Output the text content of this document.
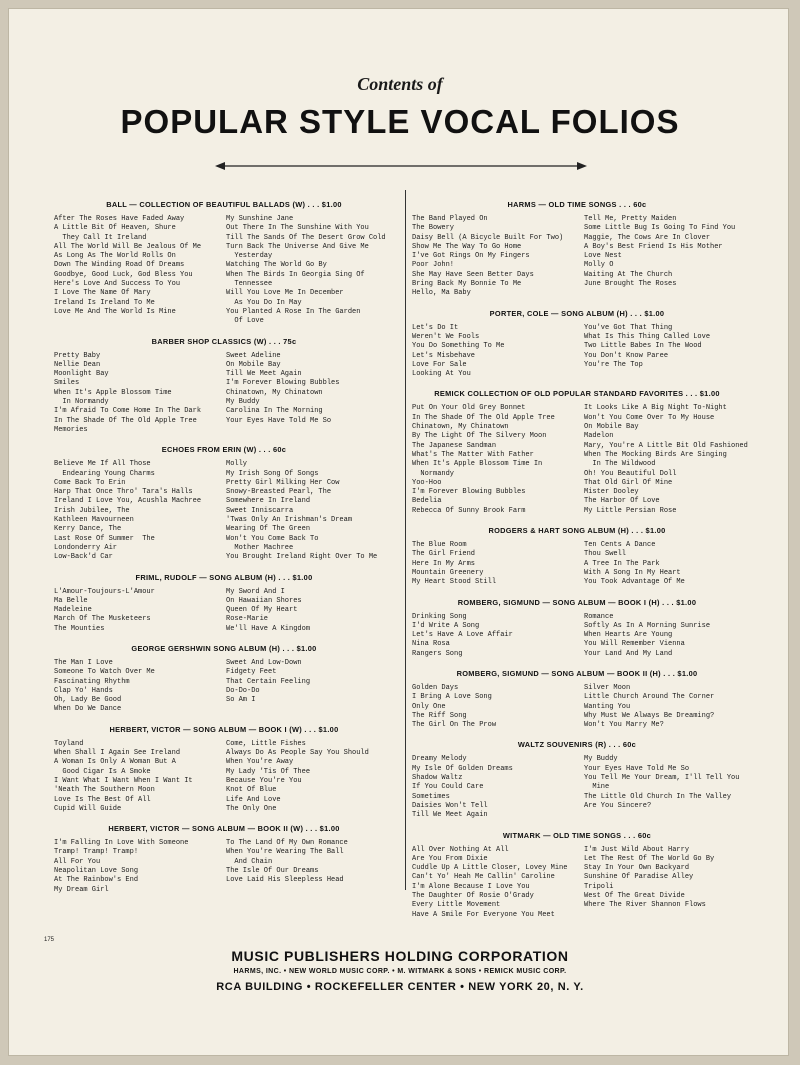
Contents of
POPULAR STYLE VOCAL FOLIOS
BALL — COLLECTION OF BEAUTIFUL BALLADS (W) . . . $1.00
After The Roses Have Faded Away
A Little Bit Of Heaven, Shure
They Call It Ireland
All The World Will Be Jealous Of Me
As Long As The World Rolls On
Down The Winding Road Of Dreams
Goodbye, Good Luck, God Bless You
Here's Love And Success To You
I Love The Name Of Mary
Ireland Is Ireland To Me
Love Me And The World Is Mine
My Sunshine Jane
Out There In The Sunshine With You
Till The Sands Of The Desert Grow Cold
Turn Back The Universe And Give Me
Yesterday
Watching The World Go By
When The Birds In Georgia Sing Of
Tennessee
Will You Love Me In December
As You Do In May
You Planted A Rose In The Garden
Of Love
BARBER SHOP CLASSICS (W) . . . 75c
Pretty Baby
Nellie Dean
Moonlight Bay
Smiles
When It's Apple Blossom Time
In Normandy
I'm Afraid To Come Home In The Dark
In The Shade Of The Old Apple Tree
Memories
Sweet Adeline
On Mobile Bay
Till We Meet Again
I'm Forever Blowing Bubbles
Chinatown, My Chinatown
My Buddy
Carolina In The Morning
Your Eyes Have Told Me So
ECHOES FROM ERIN (W) . . . 60c
Believe Me If All Those
Endearing Young Charms
Come Back To Erin
Harp That Once Thro' Tara's Halls
Ireland I Love You, Acushla Machree
Irish Jubilee, The
Kathleen Mavourneen
Kerry Dance, The
Last Rose Of Summer  The
Londonderry Air
Low-Back'd Car
Molly
My Irish Song Of Songs
Pretty Girl Milking Her Cow
Snowy-Breasted Pearl, The
Somewhere In Ireland
Sweet Inniscarra
'Twas Only An Irishman's Dream
Wearing Of The Green
Won't You Come Back To
Mother Machree
You Brought Ireland Right Over To Me
FRIML, RUDOLF — SONG ALBUM (H) . . . $1.00
L'Amour-Toujours-L'Amour
Ma Belle
Madeleine
March Of The Musketeers
The Mounties
My Sword And I
On Hawaiian Shores
Queen Of My Heart
Rose-Marie
We'll Have A Kingdom
GEORGE GERSHWIN SONG ALBUM (H) . . . $1.00
The Man I Love
Someone To Watch Over Me
Fascinating Rhythm
Clap Yo' Hands
Oh, Lady Be Good
When Do We Dance
Sweet And Low-Down
Fidgety Feet
That Certain Feeling
Do-Do-Do
So Am I
HERBERT, VICTOR — SONG ALBUM — BOOK I (W) . . . $1.00
Toyland
When Shall I Again See Ireland
A Woman Is Only A Woman But A
Good Cigar Is A Smoke
I Want What I Want When I Want It
'Neath The Southern Moon
Love Is The Best Of All
Cupid Will Guide
Come, Little Fishes
Always Do As People Say You Should
When You're Away
My Lady 'Tis Of Thee
Because You're You
Knot Of Blue
Life And Love
The Only One
HERBERT, VICTOR — SONG ALBUM — BOOK II (W) . . . $1.00
I'm Falling In Love With Someone
Tramp! Tramp! Tramp!
All For You
Neapolitan Love Song
At The Rainbow's End
My Dream Girl
To The Land Of My Own Romance
When You're Wearing The Ball
And Chain
The Isle Of Our Dreams
Love Laid His Sleepless Head
HARMS — OLD TIME SONGS . . . 60c
The Band Played On
The Bowery
Daisy Bell (A Bicycle Built For Two)
Show Me The Way To Go Home
I've Got Rings On My Fingers
Poor John!
She May Have Seen Better Days
Bring Back My Bonnie To Me
Hello, Ma Baby
Tell Me, Pretty Maiden
Some Little Bug Is Going To Find You
Maggie, The Cows Are In Clover
A Boy's Best Friend Is His Mother
Love Nest
Molly O
Waiting At The Church
June Brought The Roses
PORTER, COLE — SONG ALBUM (H) . . . $1.00
Let's Do It
Weren't We Fools
You Do Something To Me
Let's Misbehave
Love For Sale
Looking At You
You've Got That Thing
What Is This Thing Called Love
Two Little Babes In The Wood
You Don't Know Paree
You're The Top
REMICK COLLECTION OF OLD POPULAR STANDARD FAVORITES . . . $1.00
Put On Your Old Grey Bonnet
In The Shade Of The Old Apple Tree
Chinatown, My Chinatown
By The Light Of The Silvery Moon
The Japanese Sandman
What's The Matter With Father
When It's Apple Blossom Time In
Normandy
Yoo-Hoo
I'm Forever Blowing Bubbles
Bedelia
Rebecca Of Sunny Brook Farm
It Looks Like A Big Night To-Night
Won't You Come Over To My House
On Mobile Bay
Madelon
Mary, You're A Little Bit Old Fashioned
When The Mocking Birds Are Singing
In The Wildwood
Oh! You Beautiful Doll
That Old Girl Of Mine
Mister Dooley
The Harbor Of Love
My Little Persian Rose
RODGERS & HART SONG ALBUM (H) . . . $1.00
The Blue Room
The Girl Friend
Here In My Arms
Mountain Greenery
My Heart Stood Still
Ten Cents A Dance
Thou Swell
A Tree In The Park
With A Song In My Heart
You Took Advantage Of Me
ROMBERG, SIGMUND — SONG ALBUM — BOOK I (H) . . . $1.00
Drinking Song
I'd Write A Song
Let's Have A Love Affair
Nina Rosa
Rangers Song
Romance
Softly As In A Morning Sunrise
When Hearts Are Young
You Will Remember Vienna
Your Land And My Land
ROMBERG, SIGMUND — SONG ALBUM — BOOK II (H) . . . $1.00
Golden Days
I Bring A Love Song
Only One
The Riff Song
The Girl On The Prow
Silver Moon
Little Church Around The Corner
Wanting You
Why Must We Always Be Dreaming?
Won't You Marry Me?
WALTZ SOUVENIRS (R) . . . 60c
Dreamy Melody
My Isle Of Golden Dreams
Shadow Waltz
If You Could Care
Sometimes
Daisies Won't Tell
Till We Meet Again
My Buddy
Your Eyes Have Told Me So
You Tell Me Your Dream, I'll Tell You
Mine
The Little Old Church In The Valley
Are You Sincere?
WITMARK — OLD TIME SONGS . . . 60c
All Over Nothing At All
Are You From Dixie
Cuddle Up A Little Closer, Lovey Mine
Can't Yo' Heah Me Callin' Caroline
I'm Alone Because I Love You
The Daughter Of Rosie O'Grady
Every Little Movement
Have A Smile For Everyone You Meet
I'm Just Wild About Harry
Let The Rest Of The World Go By
Stay In Your Own Backyard
Sunshine Of Paradise Alley
Tripoli
West Of The Great Divide
Where The River Shannon Flows
175
MUSIC PUBLISHERS HOLDING CORPORATION
HARMS, INC. • NEW WORLD MUSIC CORP. • M. WITMARK & SONS • REMICK MUSIC CORP.
RCA BUILDING • ROCKEFELLER CENTER • NEW YORK 20, N. Y.
